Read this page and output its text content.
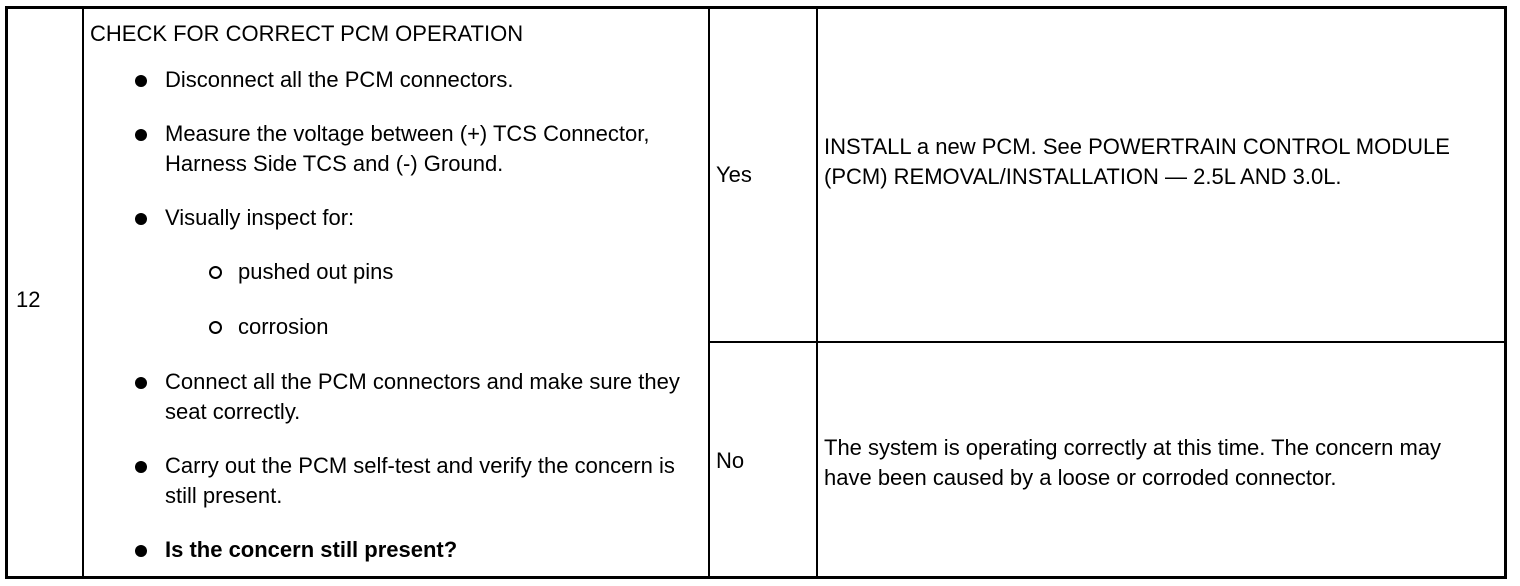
12
CHECK FOR CORRECT PCM OPERATION
Disconnect all the PCM connectors.
Measure the voltage between (+) TCS Connector, Harness Side TCS and (-) Ground.
Visually inspect for:
pushed out pins
corrosion
Connect all the PCM connectors and make sure they seat correctly.
Carry out the PCM self-test and verify the concern is still present.
Is the concern still present?
Yes
INSTALL a new PCM. See POWERTRAIN CONTROL MODULE (PCM) REMOVAL/INSTALLATION — 2.5L AND 3.0L.
No
The system is operating correctly at this time. The concern may have been caused by a loose or corroded connector.
